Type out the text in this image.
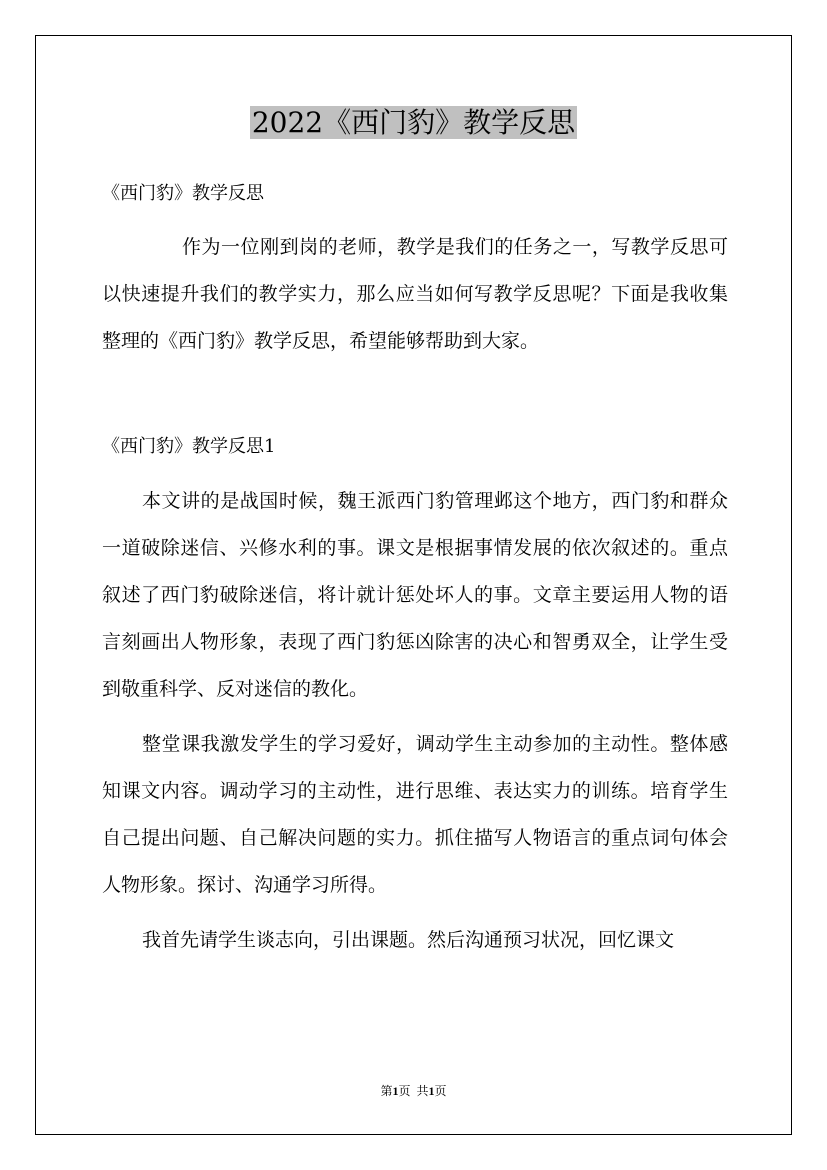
2022《西门豹》教学反思

《西门豹》教学反思

作为一位刚到岗的老师，教学是我们的任务之一，写教学反思可以快速提升我们的教学实力，那么应当如何写教学反思呢？下面是我收集整理的《西门豹》教学反思，希望能够帮助到大家。

《西门豹》教学反思1

本文讲的是战国时候，魏王派西门豹管理邺这个地方，西门豹和群众一道破除迷信、兴修水利的事。课文是根据事情发展的依次叙述的。重点叙述了西门豹破除迷信，将计就计惩处坏人的事。文章主要运用人物的语言刻画出人物形象，表现了西门豹惩凶除害的决心和智勇双全，让学生受到敬重科学、反对迷信的教化。

整堂课我激发学生的学习爱好，调动学生主动参加的主动性。整体感知课文内容。调动学习的主动性，进行思维、表达实力的训练。培育学生自己提出问题、自己解决问题的实力。抓住描写人物语言的重点词句体会人物形象。探讨、沟通学习所得。

我首先请学生谈志向，引出课题。然后沟通预习状况，回忆课文

第1页 共1页
